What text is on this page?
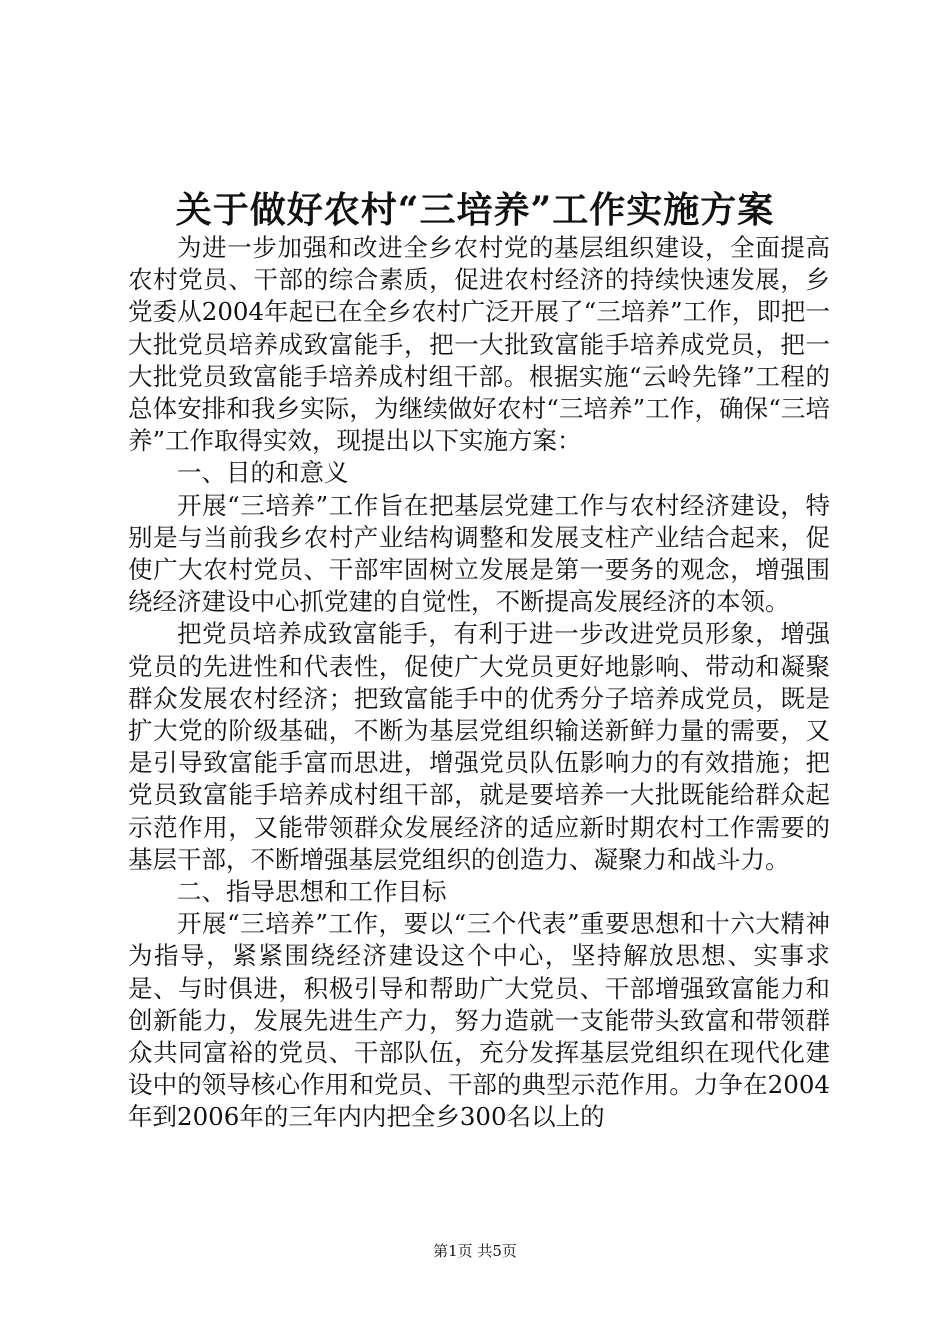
关于做好农村“三培养”工作实施方案

为进一步加强和改进全乡农村党的基层组织建设，全面提高农村党员、干部的综合素质，促进农村经济的持续快速发展，乡党委从2004年起已在全乡农村广泛开展了“三培养”工作，即把一大批党员培养成致富能手，把一大批致富能手培养成党员，把一大批党员致富能手培养成村组干部。根据实施“云岭先锋”工程的总体安排和我乡实际，为继续做好农村“三培养”工作，确保“三培养”工作取得实效，现提出以下实施方案：

一、目的和意义

开展“三培养”工作旨在把基层党建工作与农村经济建设，特别是与当前我乡农村产业结构调整和发展支柱产业结合起来，促使广大农村党员、干部牢固树立发展是第一要务的观念，增强围绕经济建设中心抓党建的自觉性，不断提高发展经济的本领。

把党员培养成致富能手，有利于进一步改进党员形象，增强党员的先进性和代表性，促使广大党员更好地影响、带动和凝聚群众发展农村经济；把致富能手中的优秀分子培养成党员，既是扩大党的阶级基础，不断为基层党组织输送新鲜力量的需要，又是引导致富能手富而思进，增强党员队伍影响力的有效措施；把党员致富能手培养成村组干部，就是要培养一大批既能给群众起示范作用，又能带领群众发展经济的适应新时期农村工作需要的基层干部，不断增强基层党组织的创造力、凝聚力和战斗力。

二、指导思想和工作目标

开展“三培养”工作，要以“三个代表”重要思想和十六大精神为指导，紧紧围绕经济建设这个中心，坚持解放思想、实事求是、与时俱进，积极引导和帮助广大党员、干部增强致富能力和创新能力，发展先进生产力，努力造就一支能带头致富和带领群众共同富裕的党员、干部队伍，充分发挥基层党组织在现代化建设中的领导核心作用和党员、干部的典型示范作用。力争在2004年到2006年的三年内内把全乡300名以上的

第1页 共5页
